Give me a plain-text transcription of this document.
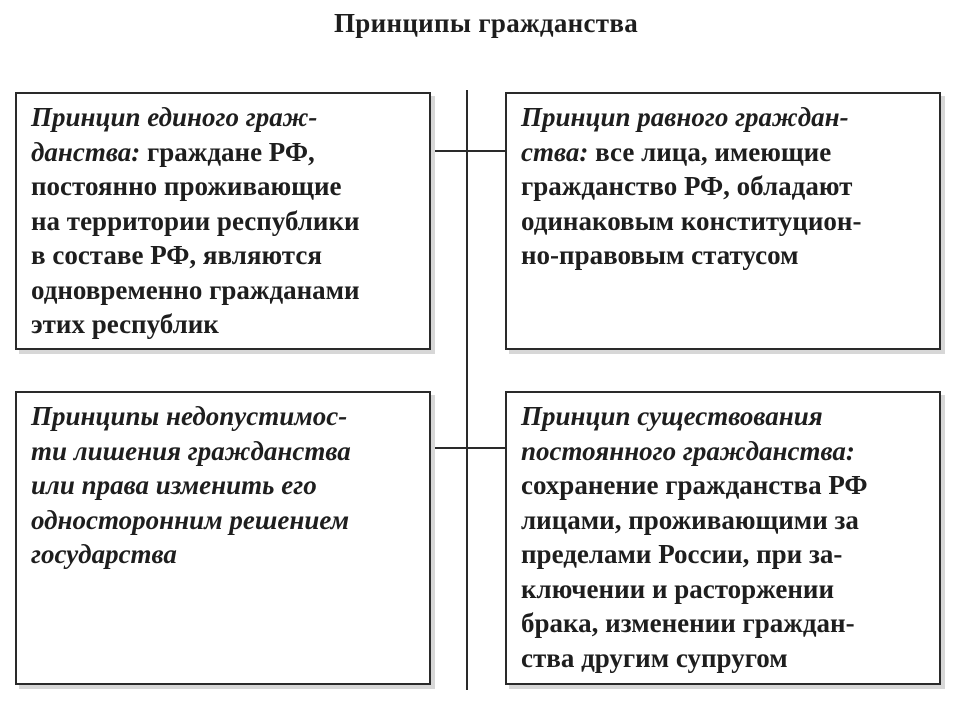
Принципы гражданства
Принцип единого граж-
данства: граждане РФ,
постоянно проживающие
на территории республики
в составе РФ, являются
одновременно гражданами
этих республик
Принцип равного граждан-
ства: все лица, имеющие
гражданство РФ, обладают
одинаковым конституцион-
но-правовым статусом
Принципы недопустимос-
ти лишения гражданства
или права изменить его
односторонним решением
государства
Принцип существования
постоянного гражданства:
сохранение гражданства РФ
лицами, проживающими за
пределами России, при за-
ключении и расторжении
брака, изменении граждан-
ства другим супругом
